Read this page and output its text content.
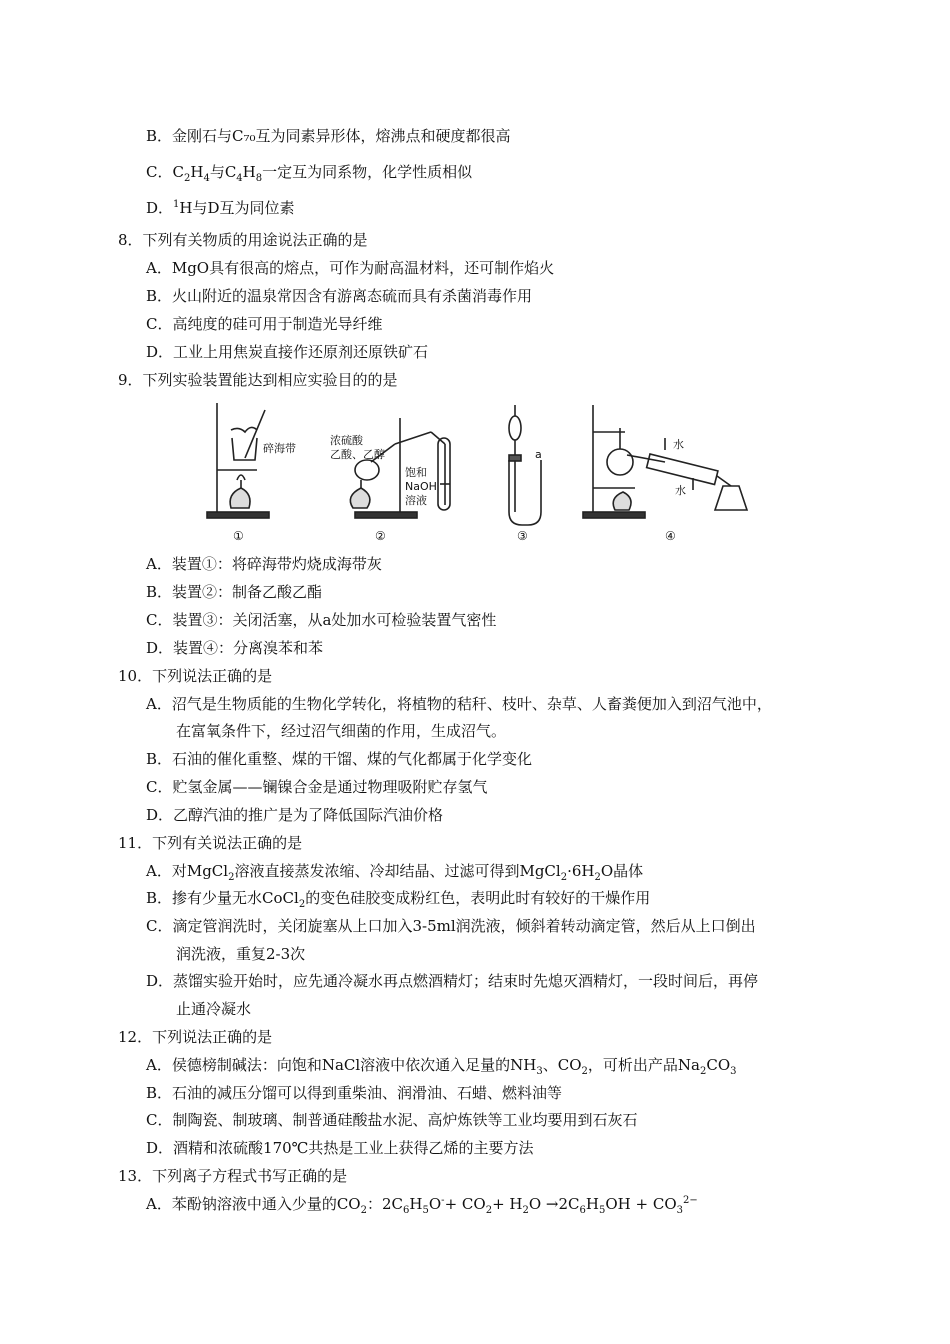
B．金刚石与C₇₀互为同素异形体，熔沸点和硬度都很高
C．$C_2H_4$与$C_4H_8$一定互为同系物，化学性质相似
D．$^1$H与D互为同位素
8．下列有关物质的用途说法正确的是
A．MgO具有很高的熔点，可作为耐高温材料，还可制作焰火
B．火山附近的温泉常因含有游离态硫而具有杀菌消毒作用
C．高纯度的硅可用于制造光导纤维
D．工业上用焦炭直接作还原剂还原铁矿石
9．下列实验装置能达到相应实验目的的是
碎海带
浓硫酸
乙酸、乙醇
饱和
NaOH
溶液
a
水
水
①	②	③	④
A．装置①：将碎海带灼烧成海带灰
B．装置②：制备乙酸乙酯
C．装置③：关闭活塞，从a处加水可检验装置气密性
D．装置④：分离溴苯和苯
10．下列说法正确的是
A．沼气是生物质能的生物化学转化，将植物的秸秆、枝叶、杂草、人畜粪便加入到沼气池中，
在富氧条件下，经过沼气细菌的作用，生成沼气。
B．石油的催化重整、煤的干馏、煤的气化都属于化学变化
C．贮氢金属——镧镍合金是通过物理吸附贮存氢气
D．乙醇汽油的推广是为了降低国际汽油价格
11．下列有关说法正确的是
A．对MgCl$_2$溶液直接蒸发浓缩、冷却结晶、过滤可得到$MgCl_2\cdot 6H_2O$晶体
B．掺有少量无水CoCl$_2$的变色硅胶变成粉红色，表明此时有较好的干燥作用
C．滴定管润洗时，关闭旋塞从上口加入3-5ml润洗液，倾斜着转动滴定管，然后从上口倒出
润洗液，重复2-3次
D．蒸馏实验开始时，应先通冷凝水再点燃酒精灯；结束时先熄灭酒精灯，一段时间后，再停
止通冷凝水
12．下列说法正确的是
A．侯德榜制碱法：向饱和NaCl溶液中依次通入足量的$NH_3$、$CO_2$，可析出产品$Na_2CO_3$
B．石油的减压分馏可以得到重柴油、润滑油、石蜡、燃料油等
C．制陶瓷、制玻璃、制普通硅酸盐水泥、高炉炼铁等工业均要用到石灰石
D．酒精和浓硫酸170℃共热是工业上获得乙烯的主要方法
13．下列离子方程式书写正确的是
A．苯酚钠溶液中通入少量的$CO_2$：$2C_6H_5O^-+ CO_2+ H_2O \to 2C_6H_5OH + CO_3^{2-}$
